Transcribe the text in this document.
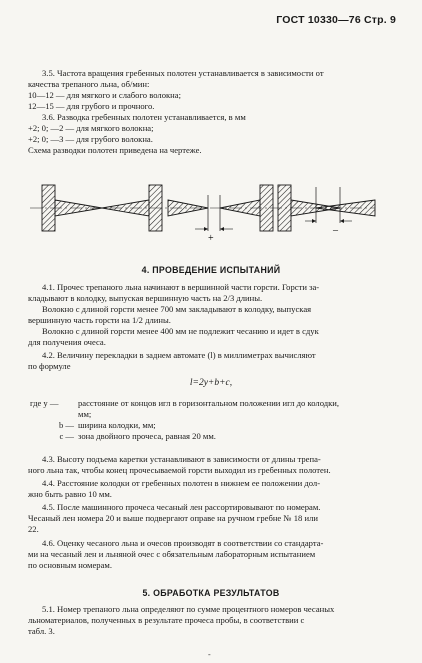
ГОСТ 10330—76 Стр. 9
3.5. Частота вращения гребенных полотен устанавливается в зависимости от
качества трепаного льна, об/мин:
10—12 — для мягкого и слабого волокна;
12—15 — для грубого и прочного.
3.6. Разводка гребенных полотен устанавливается, в мм
+2; 0; —2 — для мягкого волокна;
+2; 0; —3 — для грубого волокна.
Схема разводки полотен приведена на чертеже.
+
–
4. ПРОВЕДЕНИЕ ИСПЫТАНИЙ
4.1. Прочес трепаного льна начинают в вершинной части горсти. Горсти за-
кладывают в колодку, выпуская вершинную часть на 2/3 длины.
Волокно с длиной горсти менее 700 мм закладывают в колодку, выпуская
вершинную часть горсти на 1/2 длины.
Волокно с длиной горсти менее 400 мм не подлежит чесанию и идет в сдук
для получения очеса.
4.2. Величину перекладки в заднем автомате (l) в миллиметрах вычисляют
по формуле
l=2y+b+c,
где y —	расстояние от концов игл в горизонтальном положении игл до колодки,
мм;
b — ширина колодки, мм;
c — зона двойного прочеса, равная 20 мм.
4.3. Высоту подъема каретки устанавливают в зависимости от длины трепа-
ного льна так, чтобы конец прочесываемой горсти выходил из гребенных полотен.
4.4. Расстояние колодки от гребенных полотен в нижнем ее положении дол-
жно быть равно 10 мм.
4.5. После машинного прочеса чесаный лен рассортировывают по номерам.
Чесаный лен номера 20 и выше подвергают оправе на ручном гребне № 18 или
22.
4.6. Оценку чесаного льна и очесов производят в соответствии со стандарта-
ми на чесаный лен и льняной очес с обязательным лабораторным испытанием
по основным номерам.
5. ОБРАБОТКА РЕЗУЛЬТАТОВ
5.1. Номер трепаного льна определяют по сумме процентного номеров чесаных
льноматериалов, полученных в результате прочеса пробы, в соответствии с
табл. 3.
-
